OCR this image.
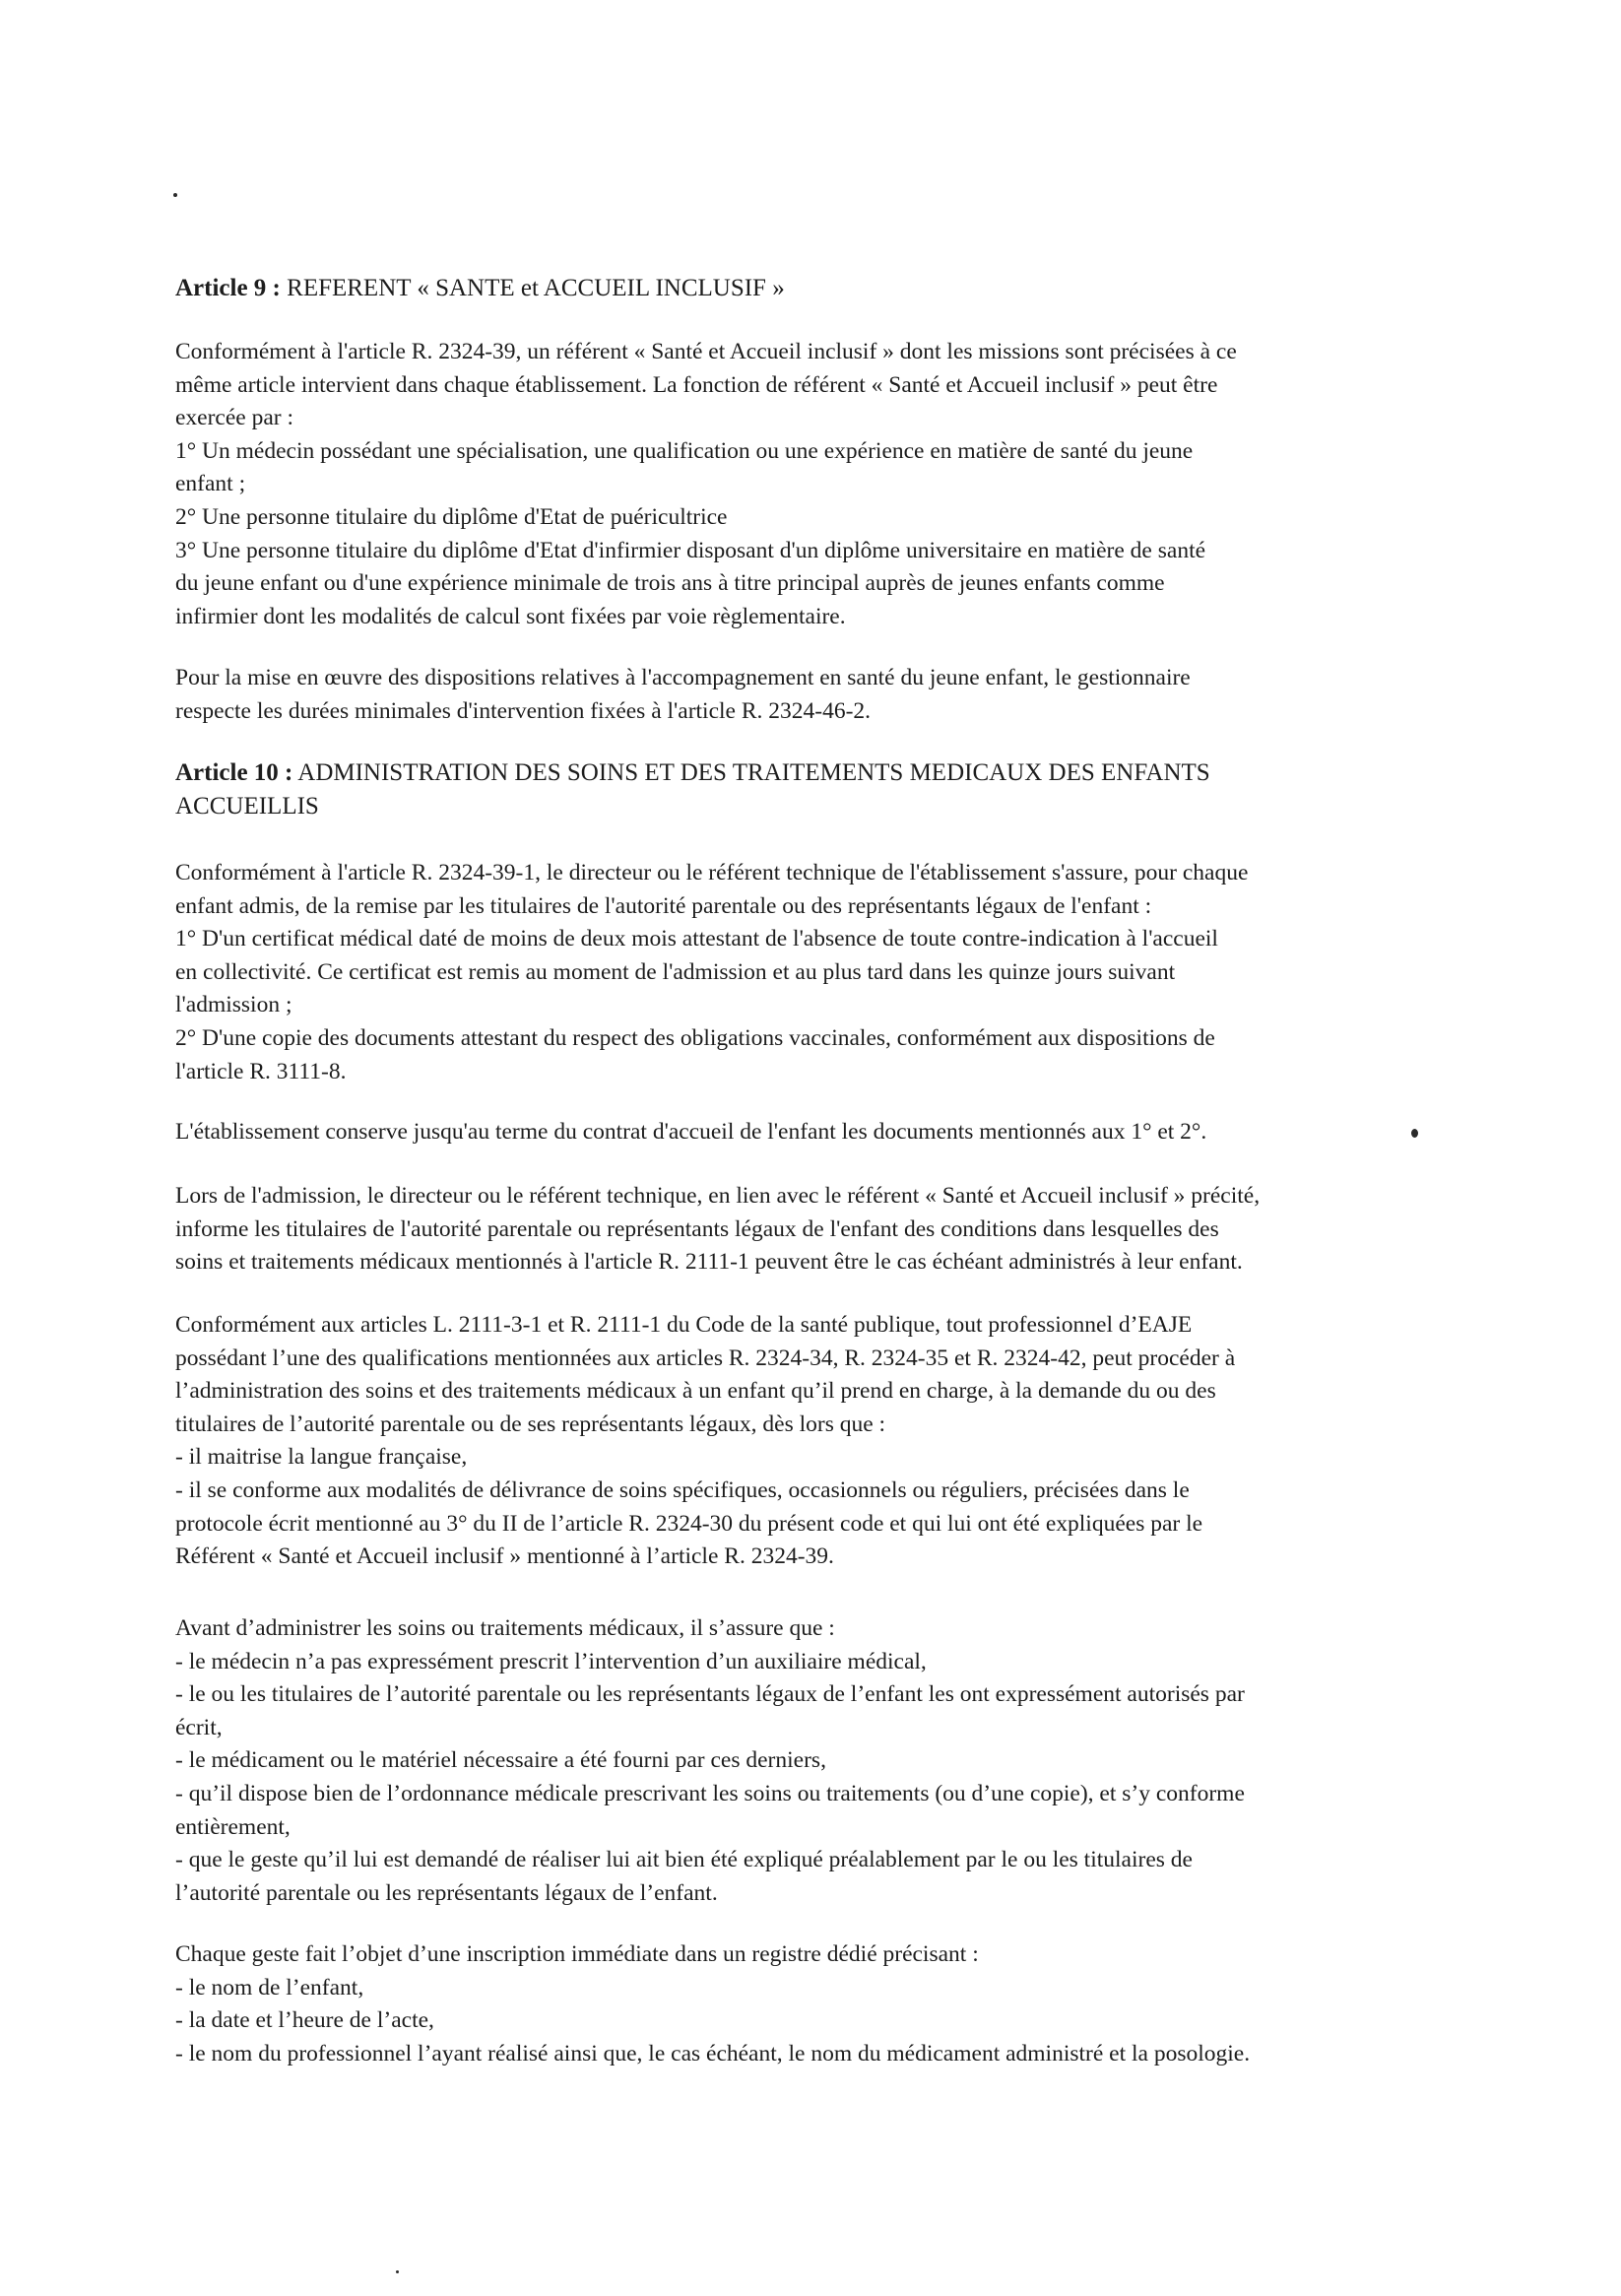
Article 9 : REFERENT « SANTE et ACCUEIL INCLUSIF »
Conformément à l'article R. 2324-39, un référent « Santé et Accueil inclusif » dont les missions sont précisées à ce
même article intervient dans chaque établissement. La fonction de référent « Santé et Accueil inclusif » peut être
exercée par :
1° Un médecin possédant une spécialisation, une qualification ou une expérience en matière de santé du jeune
enfant ;
2° Une personne titulaire du diplôme d'Etat de puéricultrice
3° Une personne titulaire du diplôme d'Etat d'infirmier disposant d'un diplôme universitaire en matière de santé
du jeune enfant ou d'une expérience minimale de trois ans à titre principal auprès de jeunes enfants comme
infirmier dont les modalités de calcul sont fixées par voie règlementaire.
Pour la mise en œuvre des dispositions relatives à l'accompagnement en santé du jeune enfant, le gestionnaire
respecte les durées minimales d'intervention fixées à l'article R. 2324-46-2.
Article 10 : ADMINISTRATION DES SOINS ET DES TRAITEMENTS MEDICAUX DES ENFANTS
ACCUEILLIS
Conformément à l'article R. 2324-39-1, le directeur ou le référent technique de l'établissement s'assure, pour chaque
enfant admis, de la remise par les titulaires de l'autorité parentale ou des représentants légaux de l'enfant :
1° D'un certificat médical daté de moins de deux mois attestant de l'absence de toute contre-indication à l'accueil
en collectivité. Ce certificat est remis au moment de l'admission et au plus tard dans les quinze jours suivant
l'admission ;
2° D'une copie des documents attestant du respect des obligations vaccinales, conformément aux dispositions de
l'article R. 3111-8.
L'établissement conserve jusqu'au terme du contrat d'accueil de l'enfant les documents mentionnés aux 1° et 2°.
Lors de l'admission, le directeur ou le référent technique, en lien avec le référent « Santé et Accueil inclusif » précité,
informe les titulaires de l'autorité parentale ou représentants légaux de l'enfant des conditions dans lesquelles des
soins et traitements médicaux mentionnés à l'article R. 2111-1 peuvent être le cas échéant administrés à leur enfant.
Conformément aux articles L. 2111-3-1 et R. 2111-1 du Code de la santé publique, tout professionnel d’EAJE
possédant l’une des qualifications mentionnées aux articles R. 2324-34, R. 2324-35 et R. 2324-42, peut procéder à
l’administration des soins et des traitements médicaux à un enfant qu’il prend en charge, à la demande du ou des
titulaires de l’autorité parentale ou de ses représentants légaux, dès lors que :
- il maitrise la langue française,
- il se conforme aux modalités de délivrance de soins spécifiques, occasionnels ou réguliers, précisées dans le
protocole écrit mentionné au 3° du II de l’article R. 2324-30 du présent code et qui lui ont été expliquées par le
Référent « Santé et Accueil inclusif » mentionné à l’article R. 2324-39.
Avant d’administrer les soins ou traitements médicaux, il s’assure que :
- le médecin n’a pas expressément prescrit l’intervention d’un auxiliaire médical,
- le ou les titulaires de l’autorité parentale ou les représentants légaux de l’enfant les ont expressément autorisés par
écrit,
- le médicament ou le matériel nécessaire a été fourni par ces derniers,
- qu’il dispose bien de l’ordonnance médicale prescrivant les soins ou traitements (ou d’une copie), et s’y conforme
entièrement,
- que le geste qu’il lui est demandé de réaliser lui ait bien été expliqué préalablement par le ou les titulaires de
l’autorité parentale ou les représentants légaux de l’enfant.
Chaque geste fait l’objet d’une inscription immédiate dans un registre dédié précisant :
- le nom de l’enfant,
- la date et l’heure de l’acte,
- le nom du professionnel l’ayant réalisé ainsi que, le cas échéant, le nom du médicament administré et la posologie.
